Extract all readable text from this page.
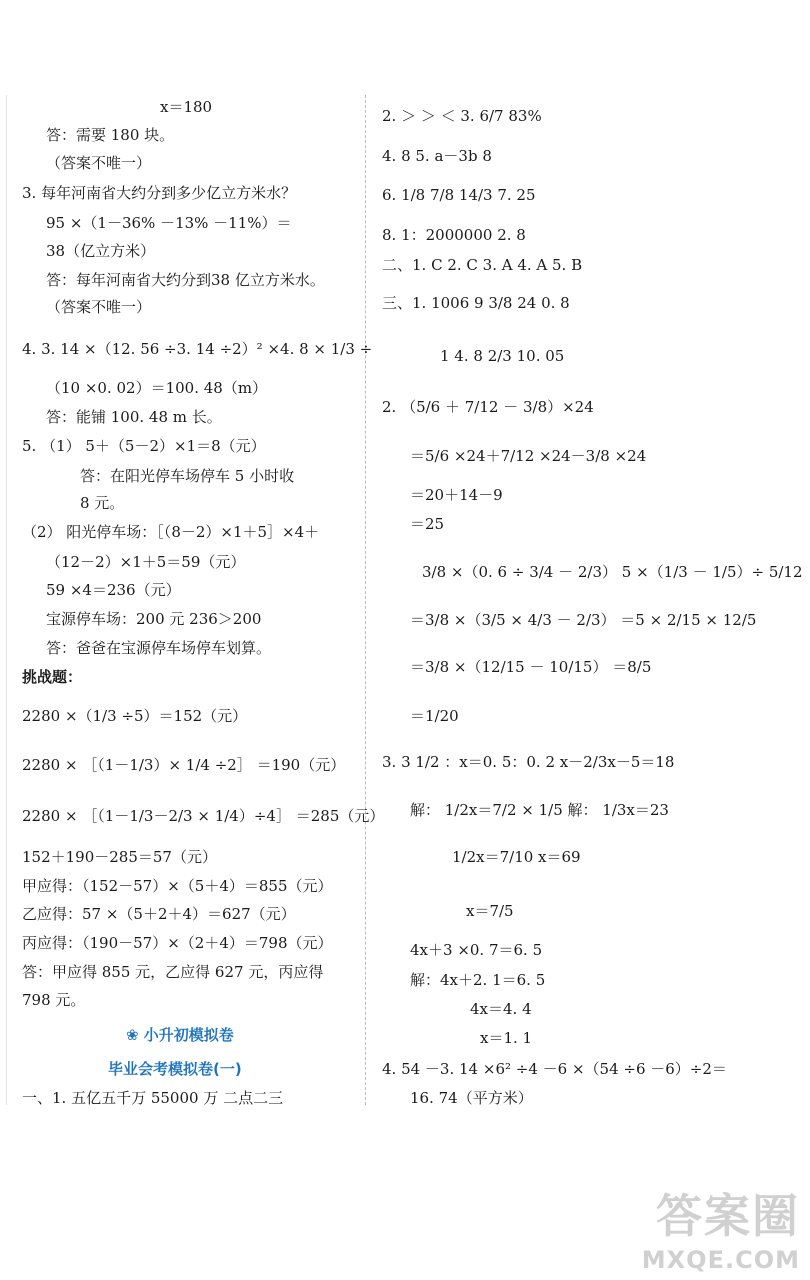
x＝180
答：需要 180 块。
（答案不唯一）
3. 每年河南省大约分到多少亿立方米水？
95 ×（1－36% －13% －11%）＝
38（亿立方米）
答：每年河南省大约分到38 亿立方米水。
（答案不唯一）
4. 3. 14 ×（12. 56 ÷3. 14 ÷2）² ×4. 8 × 1/3 ÷
（10 ×0. 02）＝100. 48（m）
答：能铺 100. 48 m 长。
5. （1） 5＋（5－2）×1＝8（元）
答：在阳光停车场停车 5 小时收
8 元。
（2） 阳光停车场：［（8－2）×1＋5］×4＋
（12－2）×1＋5＝59（元）
59 ×4＝236（元）
宝源停车场：200 元 236＞200
答：爸爸在宝源停车场停车划算。
挑战题：
2280 ×（1/3 ÷5）＝152（元）
2280 × ［（1－1/3）× 1/4 ÷2］ ＝190（元）
2280 × ［（1－1/3－2/3 × 1/4）÷4］ ＝285（元）
152＋190－285＝57（元）
甲应得：（152－57）×（5＋4）＝855（元）
乙应得：57 ×（5＋2＋4）＝627（元）
丙应得：（190－57）×（2＋4）＝798（元）
答：甲应得 855 元，乙应得 627 元，丙应得
798 元。
❀ 小升初模拟卷
毕业会考模拟卷(一)
一、1. 五亿五千万 55000 万 二点二三
2. ＞ ＞ ＜ 3. 6/7 83%
4. 8 5. a－3b 8
6. 1/8 7/8 14/3 7. 25
8. 1：2000000 2. 8
二、1. C 2. C 3. A 4. A 5. B
三、1. 1006 9 3/8 24 0. 8
1 4. 8 2/3 10. 05
2. （5/6 ＋ 7/12 － 3/8）×24
＝5/6 ×24＋7/12 ×24－3/8 ×24
＝20＋14－9
＝25
3/8 ×（0. 6 ÷ 3/4 － 2/3） 5 ×（1/3 － 1/5）÷ 5/12
＝3/8 ×（3/5 × 4/3 － 2/3） ＝5 × 2/15 × 12/5
＝3/8 ×（12/15 － 10/15） ＝8/5
＝1/20
3. 3 1/2 ：x＝0. 5：0. 2 x－2/3x－5＝18
解： 1/2x＝7/2 × 1/5 解： 1/3x＝23
1/2x＝7/10 x＝69
x＝7/5
4x＋3 ×0. 7＝6. 5
解：4x＋2. 1＝6. 5
4x＝4. 4
x＝1. 1
4. 54 －3. 14 ×6² ÷4 －6 ×（54 ÷6 －6）÷2＝
16. 74（平方米）
答案圈
MXQE.COM
